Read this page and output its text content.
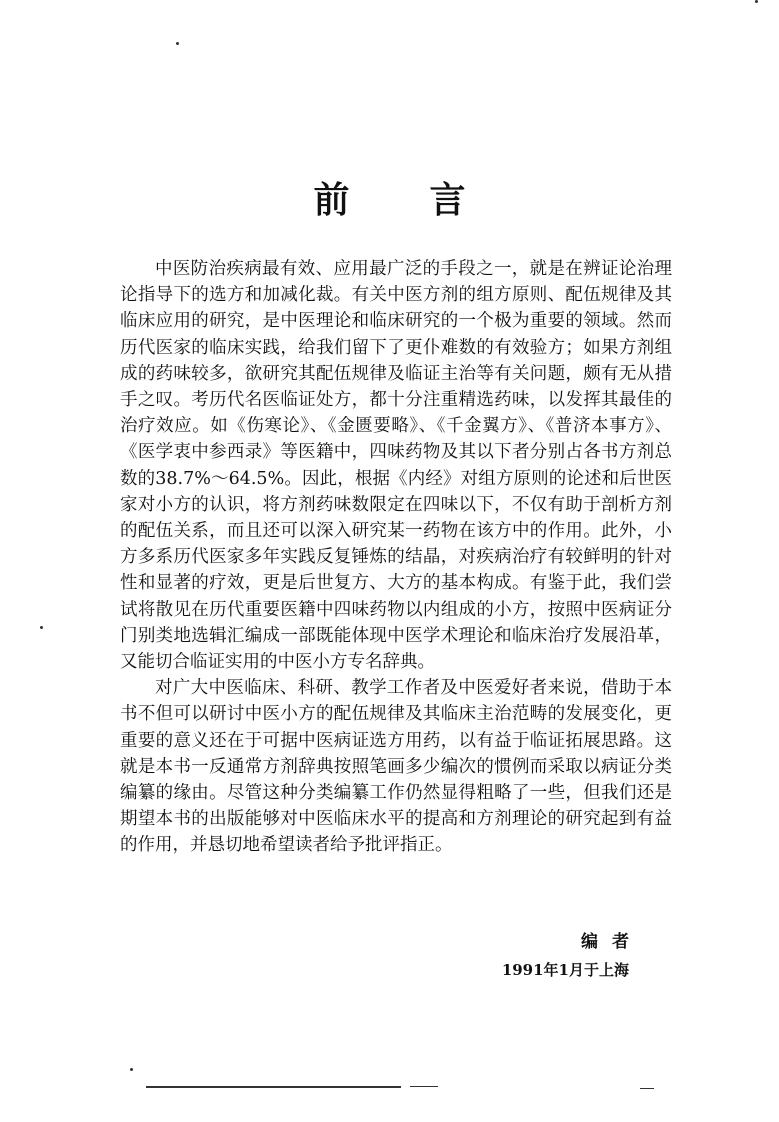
前 言

中医防治疾病最有效、应用最广泛的手段之一，就是在辨证论治理论指导下的选方和加减化裁。有关中医方剂的组方原则、配伍规律及其临床应用的研究，是中医理论和临床研究的一个极为重要的领域。然而历代医家的临床实践，给我们留下了更仆难数的有效验方；如果方剂组成的药味较多，欲研究其配伍规律及临证主治等有关问题，颇有无从措手之叹。考历代名医临证处方，都十分注重精选药味，以发挥其最佳的治疗效应。如《伤寒论》、《金匮要略》、《千金翼方》、《普济本事方》、《医学衷中参西录》等医籍中，四味药物及其以下者分别占各书方剂总数的38.7%～64.5%。因此，根据《内经》对组方原则的论述和后世医家对小方的认识，将方剂药味数限定在四味以下，不仅有助于剖析方剂的配伍关系，而且还可以深入研究某一药物在该方中的作用。此外，小方多系历代医家多年实践反复锤炼的结晶，对疾病治疗有较鲜明的针对性和显著的疗效，更是后世复方、大方的基本构成。有鉴于此，我们尝试将散见在历代重要医籍中四味药物以内组成的小方，按照中医病证分门别类地选辑汇编成一部既能体现中医学术理论和临床治疗发展沿革，又能切合临证实用的中医小方专名辞典。

对广大中医临床、科研、教学工作者及中医爱好者来说，借助于本书不但可以研讨中医小方的配伍规律及其临床主治范畴的发展变化，更重要的意义还在于可据中医病证选方用药，以有益于临证拓展思路。这就是本书一反通常方剂辞典按照笔画多少编次的惯例而采取以病证分类编纂的缘由。尽管这种分类编纂工作仍然显得粗略了一些，但我们还是期望本书的出版能够对中医临床水平的提高和方剂理论的研究起到有益的作用，并恳切地希望读者给予批评指正。

编者
1991年1月于上海
